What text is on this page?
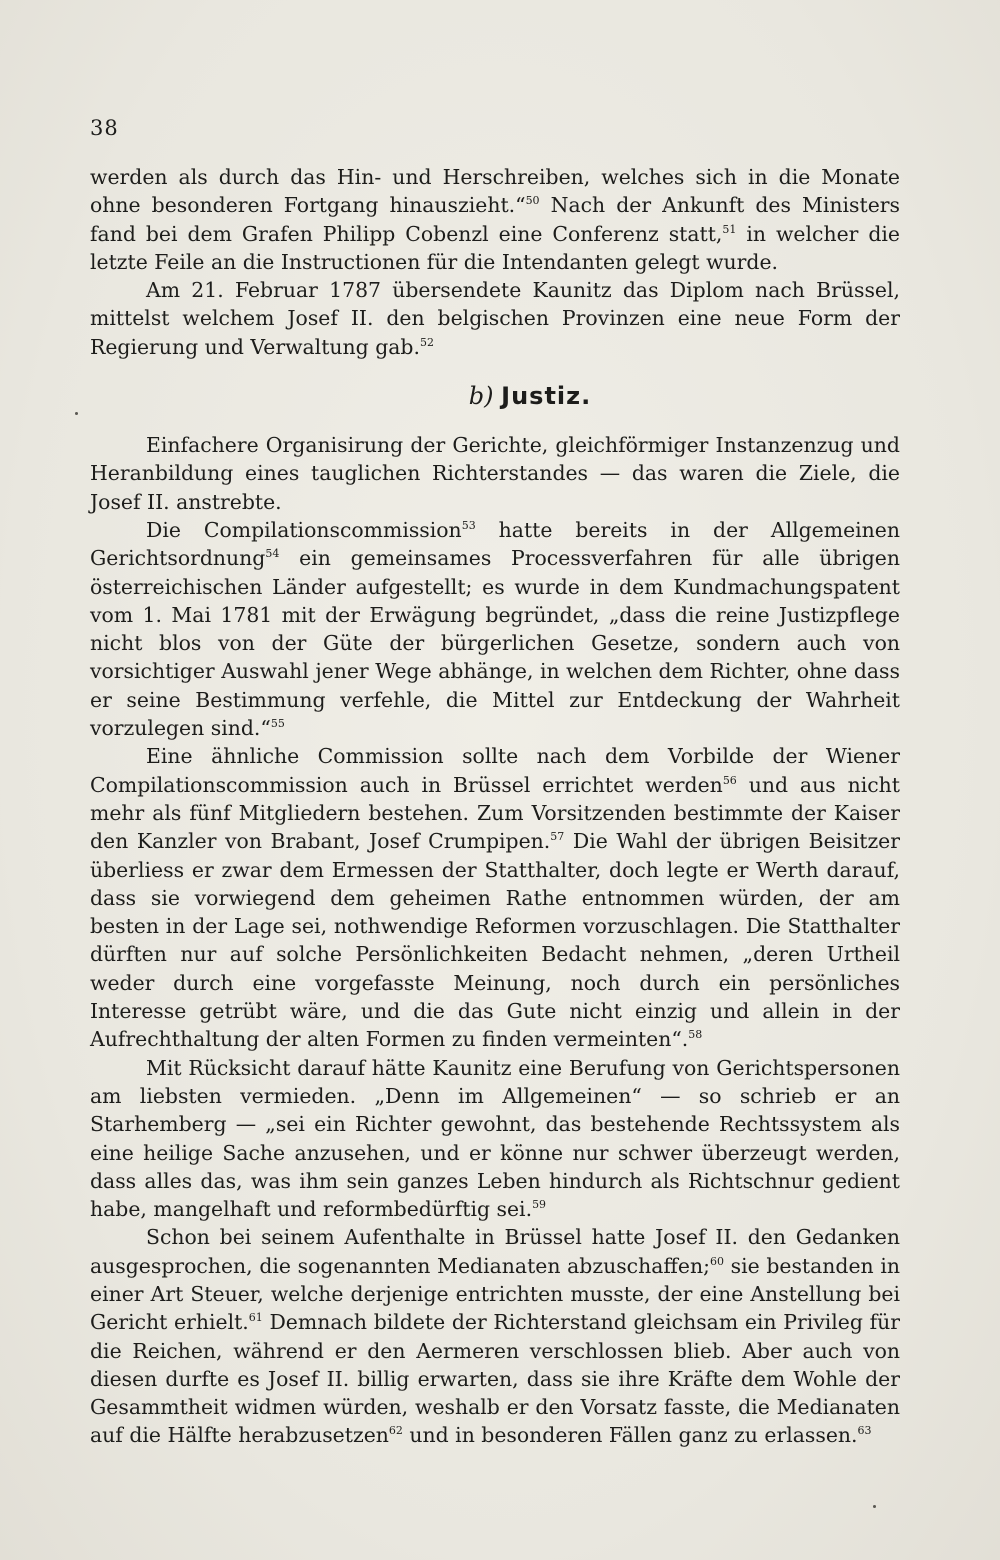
38

werden als durch das Hin- und Herschreiben, welches sich in die Monate ohne besonderen Fortgang hinauszieht.“$^{50}$ Nach der Ankunft des Ministers fand bei dem Grafen Philipp Cobenzl eine Conferenz statt,$^{51}$ in welcher die letzte Feile an die Instructionen für die Intendanten gelegt wurde.

Am 21. Februar 1787 übersendete Kaunitz das Diplom nach Brüssel, mittelst welchem Josef II. den belgischen Provinzen eine neue Form der Regierung und Verwaltung gab.$^{52}$

b) Justiz.

Einfachere Organisirung der Gerichte, gleichförmiger Instanzenzug und Heranbildung eines tauglichen Richterstandes — das waren die Ziele, die Josef II. anstrebte.

Die Compilationscommission$^{53}$ hatte bereits in der Allgemeinen Gerichtsordnung$^{54}$ ein gemeinsames Processverfahren für alle übrigen österreichischen Länder aufgestellt; es wurde in dem Kundmachungspatent vom 1. Mai 1781 mit der Erwägung begründet, „dass die reine Justizpflege nicht blos von der Güte der bürgerlichen Gesetze, sondern auch von vorsichtiger Auswahl jener Wege abhänge, in welchen dem Richter, ohne dass er seine Bestimmung verfehle, die Mittel zur Entdeckung der Wahrheit vorzulegen sind.“$^{55}$

Eine ähnliche Commission sollte nach dem Vorbilde der Wiener Compilationscommission auch in Brüssel errichtet werden$^{56}$ und aus nicht mehr als fünf Mitgliedern bestehen. Zum Vorsitzenden bestimmte der Kaiser den Kanzler von Brabant, Josef Crumpipen.$^{57}$ Die Wahl der übrigen Beisitzer überliess er zwar dem Ermessen der Statthalter, doch legte er Werth darauf, dass sie vorwiegend dem geheimen Rathe entnommen würden, der am besten in der Lage sei, nothwendige Reformen vorzuschlagen. Die Statthalter dürften nur auf solche Persönlichkeiten Bedacht nehmen, „deren Urtheil weder durch eine vorgefasste Meinung, noch durch ein persönliches Interesse getrübt wäre, und die das Gute nicht einzig und allein in der Aufrechthaltung der alten Formen zu finden vermeinten“.$^{58}$

Mit Rücksicht darauf hätte Kaunitz eine Berufung von Gerichtspersonen am liebsten vermieden. „Denn im Allgemeinen“ — so schrieb er an Starhemberg — „sei ein Richter gewohnt, das bestehende Rechtssystem als eine heilige Sache anzusehen, und er könne nur schwer überzeugt werden, dass alles das, was ihm sein ganzes Leben hindurch als Richtschnur gedient habe, mangelhaft und reformbedürftig sei.$^{59}$

Schon bei seinem Aufenthalte in Brüssel hatte Josef II. den Gedanken ausgesprochen, die sogenannten Medianaten abzuschaffen;$^{60}$ sie bestanden in einer Art Steuer, welche derjenige entrichten musste, der eine Anstellung bei Gericht erhielt.$^{61}$ Demnach bildete der Richterstand gleichsam ein Privileg für die Reichen, während er den Aermeren verschlossen blieb. Aber auch von diesen durfte es Josef II. billig erwarten, dass sie ihre Kräfte dem Wohle der Gesammtheit widmen würden, weshalb er den Vorsatz fasste, die Medianaten auf die Hälfte herabzusetzen$^{62}$ und in besonderen Fällen ganz zu erlassen.$^{63}$
